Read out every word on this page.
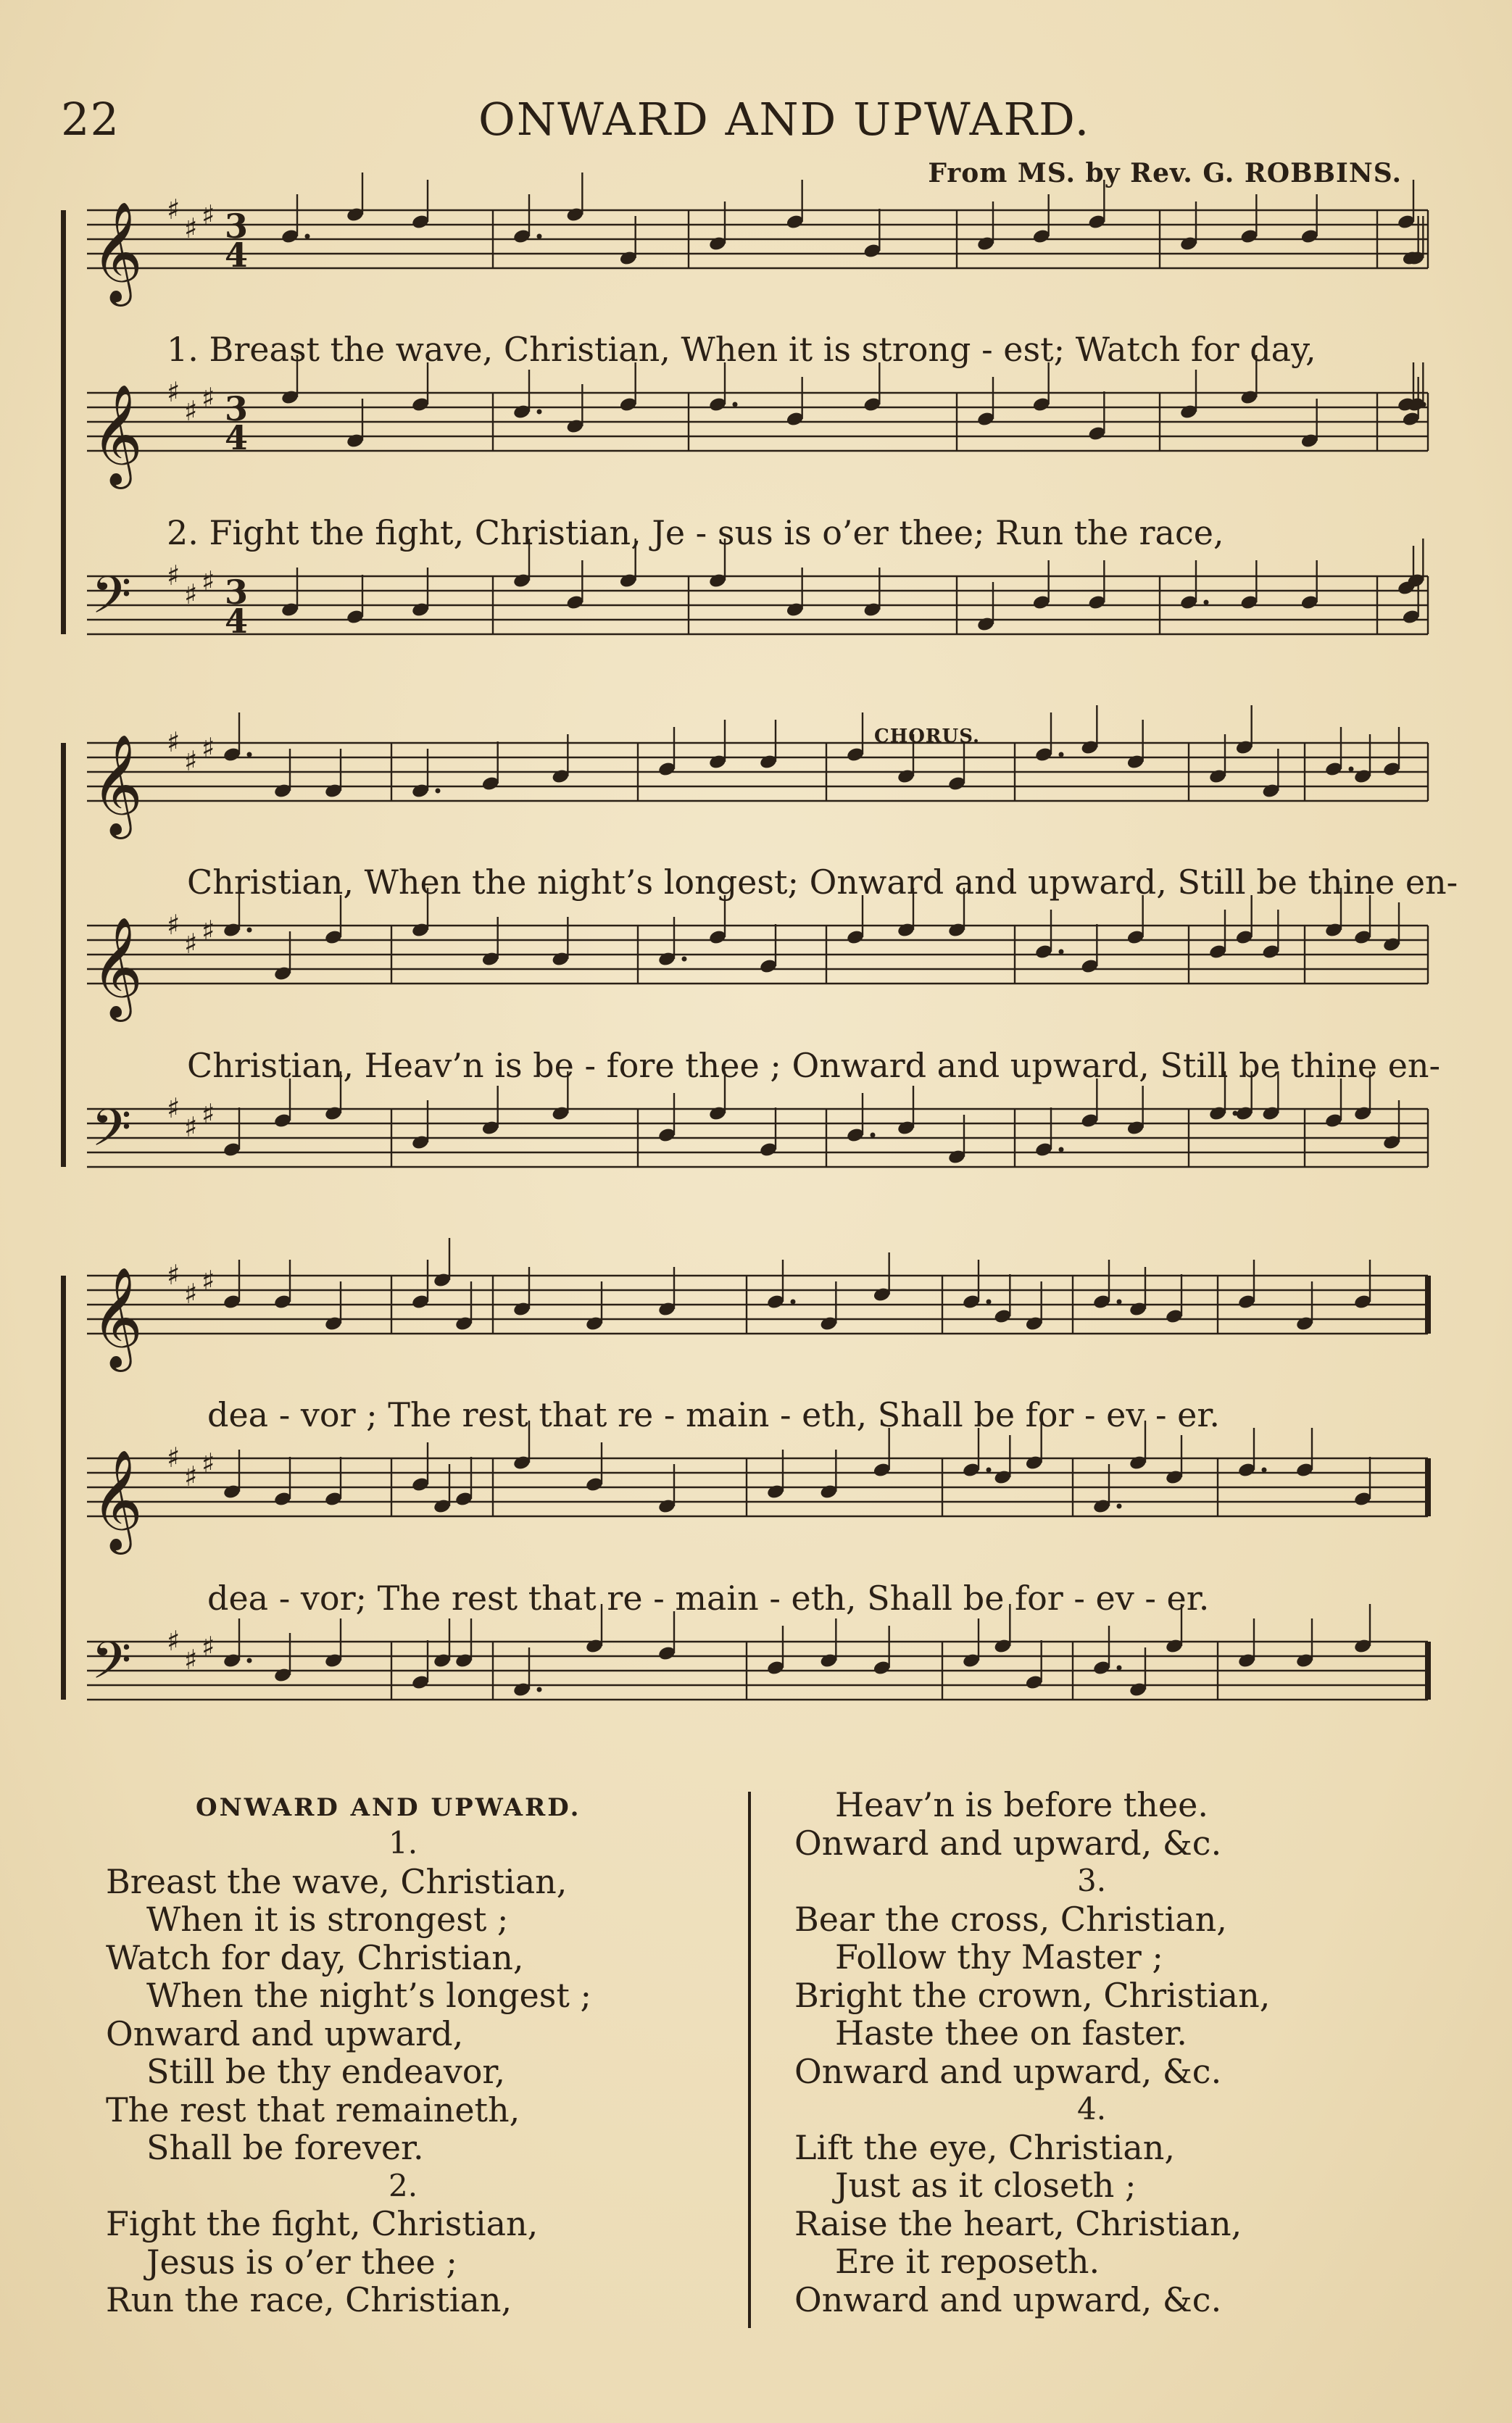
22	ONWARD AND UPWARD.
From MS. by Rev. G. ROBBINS.
𝄞 ♯
♯ ♯ 3
4
𝄞 ♯
♯ ♯ 3
4
𝄢 ♯
♯ ♯ 3
4
1. Breast the wave, Christian, When it is strong - est; Watch for day,
2. Fight the fight, Christian, Je - sus is o’er thee; Run the race,
𝄞 ♯
♯ ♯
𝄞 ♯
♯ ♯
𝄢 ♯
♯ ♯
CHORUS.
Christian, When the night’s longest; Onward and upward, Still be thine en-
Christian, Heav’n is be - fore thee ; Onward and upward, Still be thine en-
𝄞 ♯
♯ ♯
𝄞 ♯
♯ ♯
𝄢 ♯
♯ ♯
dea - vor ; The rest that re - main - eth, Shall be for - ev - er.
dea - vor; The rest that re - main - eth, Shall be for - ev - er.
ONWARD AND UPWARD.
1.
Breast the wave, Christian,
When it is strongest ;
Watch for day, Christian,
When the night’s longest ;
Onward and upward,
Still be thy endeavor,
The rest that remaineth,
Shall be forever.
2.
Fight the fight, Christian,
Jesus is o’er thee ;
Run the race, Christian,
Heav’n is before thee.
Onward and upward, &c.
3.
Bear the cross, Christian,
Follow thy Master ;
Bright the crown, Christian,
Haste thee on faster.
Onward and upward, &c.
4.
Lift the eye, Christian,
Just as it closeth ;
Raise the heart, Christian,
Ere it reposeth.
Onward and upward, &c.
